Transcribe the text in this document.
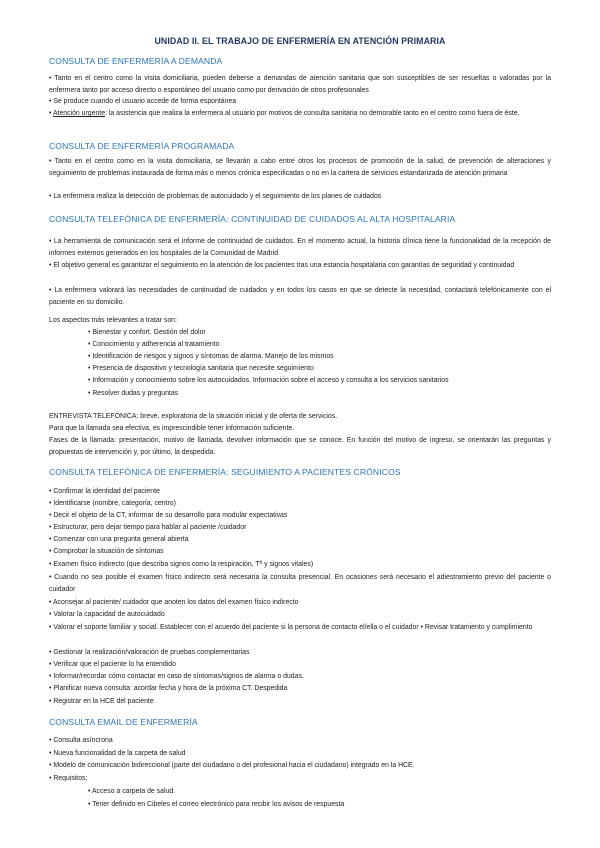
UNIDAD II. EL TRABAJO DE ENFERMERÍA EN ATENCIÓN PRIMARIA
CONSULTA DE ENFERMERÍA A DEMANDA

• Tanto en el centro como la visita domiciliaria, pueden deberse a demandas de atención sanitaria que son susceptibles de ser resueltas o valoradas por la enfermera tanto por acceso directo o espontáneo del usuario como por derivación de otros profesionales

• Se produce cuando el usuario accede de forma espontánea

• Atención urgente: la asistencia que realiza la enfermera al usuario por motivos de consulta sanitaria no demorable tanto en el centro como fuera de éste.

CONSULTA DE ENFERMERÍA PROGRAMADA

• Tanto en el centro como en la visita domiciliaria, se llevarán a cabo entre otros los procesos de promoción de la salud, de prevención de alteraciones y seguimiento de problemas instaurada de forma más o menos crónica especificadas o no en la cartera de servicios estandarizada de atención primaria

• La enfermera realiza la detección de problemas de autocuidado y el seguimiento de los planes de cuidados

CONSULTA TELEFÓNICA DE ENFERMERÍA: CONTINUIDAD DE CUIDADOS AL ALTA HOSPITALARIA

• La herramienta de comunicación será el informe de continuidad de cuidados. En el momento actual, la historia clínica tiene la funcionalidad de la recepción de informes externos generados en los hospitales de la Comunidad de Madrid

• El objetivo general es garantizar el seguimiento en la atención de los pacientes tras una estancia hospitalaria con garantías de seguridad y continuidad

• La enfermera valorará las necesidades de continuidad de cuidados y en todos los casos en que se detecte la necesidad, contactará telefónicamente con el paciente en su domicilio.

Los aspectos más relevantes a tratar son:

• Bienestar y confort. Gestión del dolor
• Conocimiento y adherencia al tratamiento
• Identificación de riesgos y signos y síntomas de alarma. Manejo de los mismos
• Presencia de dispositivo y tecnología sanitaria que necesite seguimiento
• Información y conocimiento sobre los autocuidados. Información sobre el acceso y consulta a los servicios sanitarios
• Resolver dudas y preguntas

ENTREVISTA TELEFÓNICA: breve, exploratoria de la situación inicial y de oferta de servicios.

Para que la llamada sea efectiva, es imprescindible tener información suficiente.

Fases de la llamada: presentación, motivo de llamada, devolver información que se conoce. En función del motivo de ingreso, se orientarán las preguntas y propuestas de intervención y, por último, la despedida.

CONSULTA TELEFÓNICA DE ENFERMERÍA: SEGUIMIENTO A PACIENTES CRÓNICOS

• Confirmar la identidad del paciente

• Identificarse (nombre, categoría, centro)

• Decir el objeto de la CT, informar de su desarrollo para modular expectativas

• Estructurar, pero dejar tiempo para hablar al paciente /cuidador

• Comenzar con una pregunta general abierta

• Comprobar la situación de síntomas

• Examen físico indirecto (que describa signos como la respiración, Tª y signos vitales)

• Cuando no sea posible el examen físico indirecto será necesaria la consulta presencial. En ocasiones será necesario el adiestramiento previo del paciente o cuidador

• Aconsejar al paciente/ cuidador que anoten los datos del examen físico indirecto

• Valorar la capacidad de autocuidado

• Valorar el soporte familiar y social. Establecer con el acuerdo del paciente si la persona de contacto el/ella o el cuidador • Revisar tratamiento y cumplimiento

• Gestionar la realización/valoración de pruebas complementarias

• Verificar que el paciente lo ha entendido

• Informar/recordar cómo contactar en caso de síntomas/signos de alarma o dudas.

• Planificar nueva consulta: acordar fecha y hora de la próxima CT. Despedida

• Registrar en la HCE del paciente

CONSULTA EMAIL DE ENFERMERÍA

• Consulta asíncrona

• Nueva funcionalidad de la carpeta de salud

• Modelo de comunicación bidireccional (parte del ciudadano o del profesional hacia el ciudadano) integrado en la HCE.

• Requisitos:

• Acceso a carpeta de salud.
• Tener definido en Cibeles el correo electrónico para recibir los avisos de respuesta
